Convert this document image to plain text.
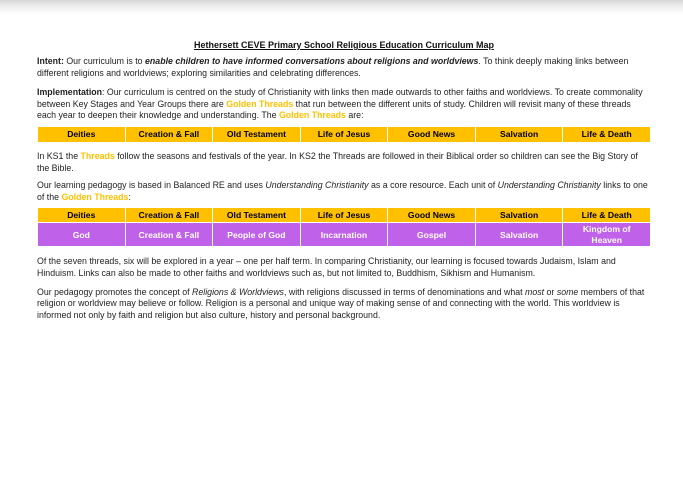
Hethersett CEVE Primary School Religious Education Curriculum Map

Intent: Our curriculum is to enable children to have informed conversations about religions and worldviews. To think deeply making links between different religions and worldviews; exploring similarities and celebrating differences.

Implementation: Our curriculum is centred on the study of Christianity with links then made outwards to other faiths and worldviews. To create commonality between Key Stages and Year Groups there are Golden Threads that run between the different units of study. Children will revisit many of these threads each year to deepen their knowledge and understanding. The Golden Threads are:

Deities	Creation & Fall	Old Testament	Life of Jesus	Good News	Salvation	Life & Death

In KS1 the Threads follow the seasons and festivals of the year. In KS2 the Threads are followed in their Biblical order so children can see the Big Story of the Bible.

Our learning pedagogy is based in Balanced RE and uses Understanding Christianity as a core resource. Each unit of Understanding Christianity links to one of the Golden Threads:

Deities	Creation & Fall	Old Testament	Life of Jesus	Good News	Salvation	Life & Death
God	Creation & Fall	People of God	Incarnation	Gospel	Salvation	Kingdom of Heaven

Of the seven threads, six will be explored in a year – one per half term. In comparing Christianity, our learning is focused towards Judaism, Islam and Hinduism. Links can also be made to other faiths and worldviews such as, but not limited to, Buddhism, Sikhism and Humanism.

Our pedagogy promotes the concept of Religions & Worldviews, with religions discussed in terms of denominations and what most or some members of that religion or worldview may believe or follow. Religion is a personal and unique way of making sense of and connecting with the world. This worldview is informed not only by faith and religion but also culture, history and personal background.
